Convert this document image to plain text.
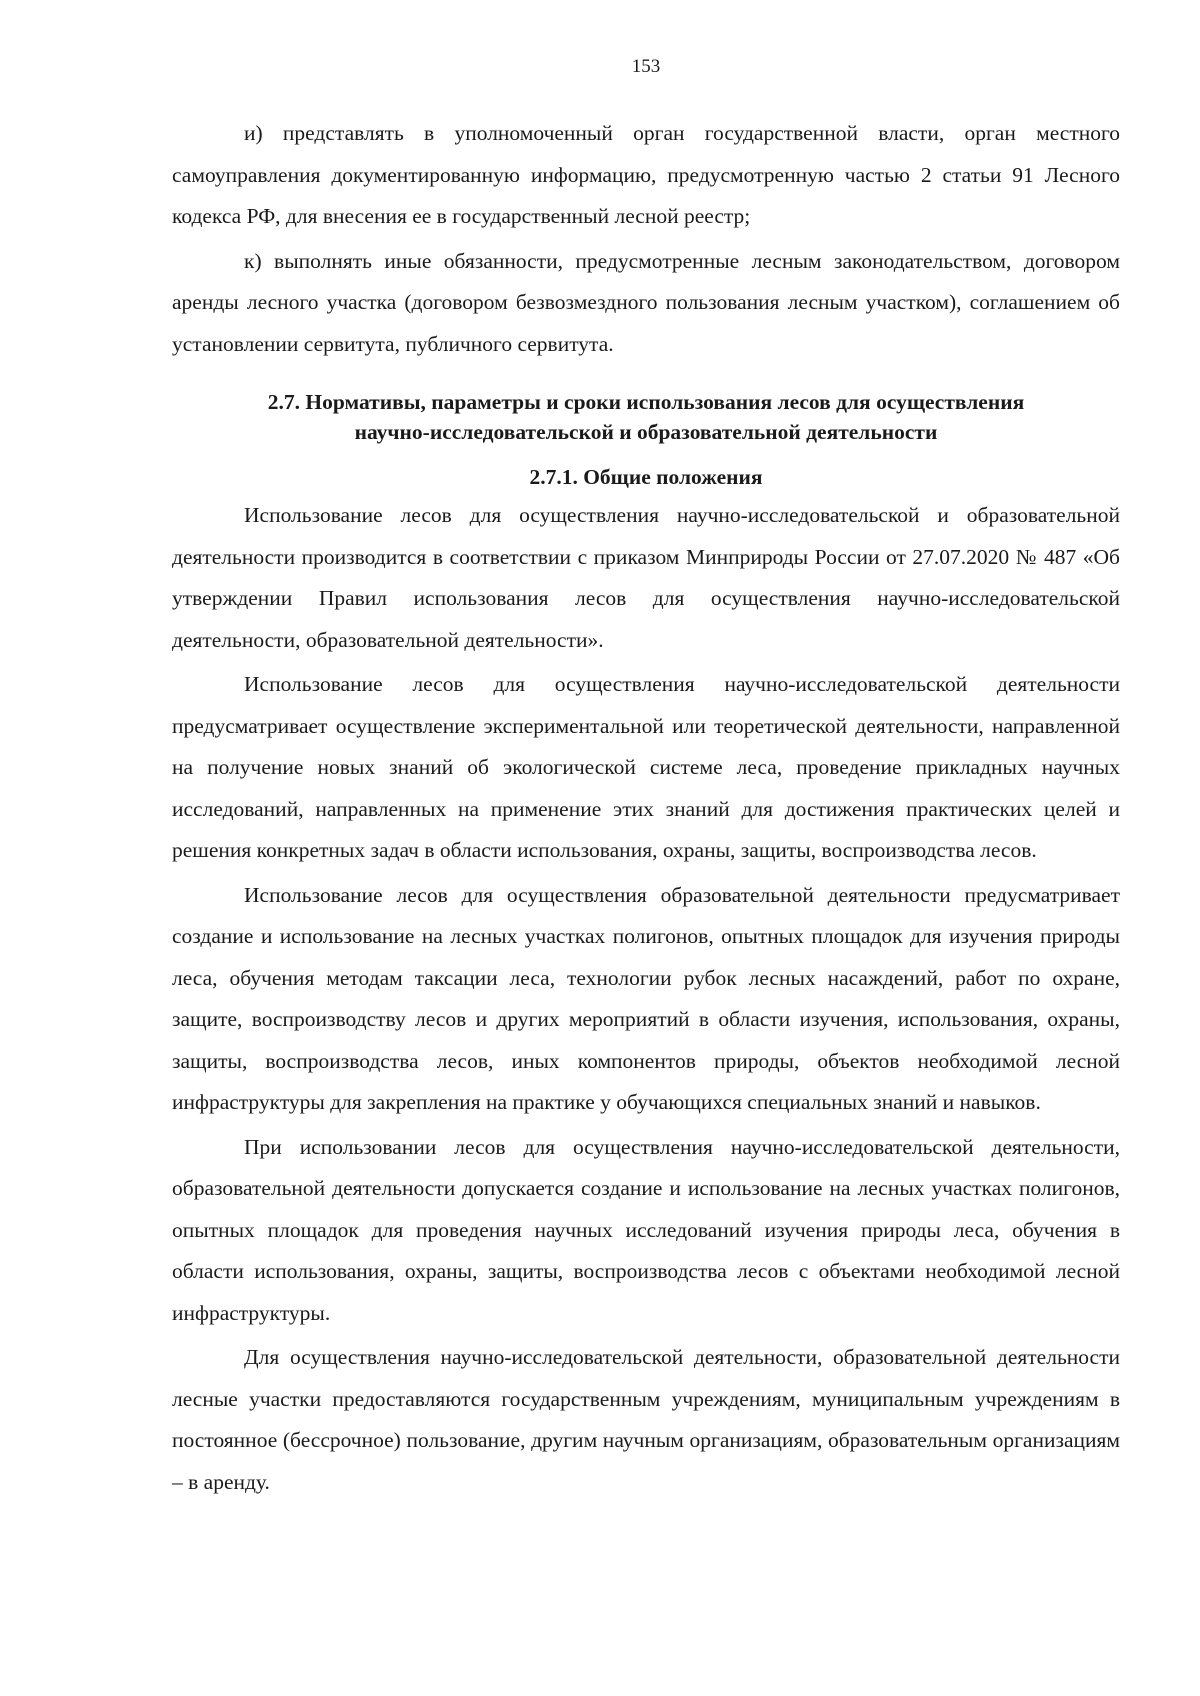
153

и) представлять в уполномоченный орган государственной власти, орган местного самоуправления документированную информацию, предусмотренную частью 2 статьи 91 Лесного кодекса РФ, для внесения ее в государственный лесной реестр;

к) выполнять иные обязанности, предусмотренные лесным законодательством, договором аренды лесного участка (договором безвозмездного пользования лесным участком), соглашением об установлении сервитута, публичного сервитута.

2.7. Нормативы, параметры и сроки использования лесов для осуществления
научно-исследовательской и образовательной деятельности
2.7.1. Общие положения

Использование лесов для осуществления научно-исследовательской и образовательной деятельности производится в соответствии с приказом Минприроды России от 27.07.2020 № 487 «Об утверждении Правил использования лесов для осуществления научно-исследовательской деятельности, образовательной деятельности».

Использование лесов для осуществления научно-исследовательской деятельности предусматривает осуществление экспериментальной или теоретической деятельности, направленной на получение новых знаний об экологической системе леса, проведение прикладных научных исследований, направленных на применение этих знаний для достижения практических целей и решения конкретных задач в области использования, охраны, защиты, воспроизводства лесов.

Использование лесов для осуществления образовательной деятельности предусматривает создание и использование на лесных участках полигонов, опытных площадок для изучения природы леса, обучения методам таксации леса, технологии рубок лесных насаждений, работ по охране, защите, воспроизводству лесов и других мероприятий в области изучения, использования, охраны, защиты, воспроизводства лесов, иных компонентов природы, объектов необходимой лесной инфраструктуры для закрепления на практике у обучающихся специальных знаний и навыков.

При использовании лесов для осуществления научно-исследовательской деятельности, образовательной деятельности допускается создание и использование на лесных участках полигонов, опытных площадок для проведения научных исследований изучения природы леса, обучения в области использования, охраны, защиты, воспроизводства лесов с объектами необходимой лесной инфраструктуры.

Для осуществления научно-исследовательской деятельности, образовательной деятельности лесные участки предоставляются государственным учреждениям, муниципальным учреждениям в постоянное (бессрочное) пользование, другим научным организациям, образовательным организациям – в аренду.
